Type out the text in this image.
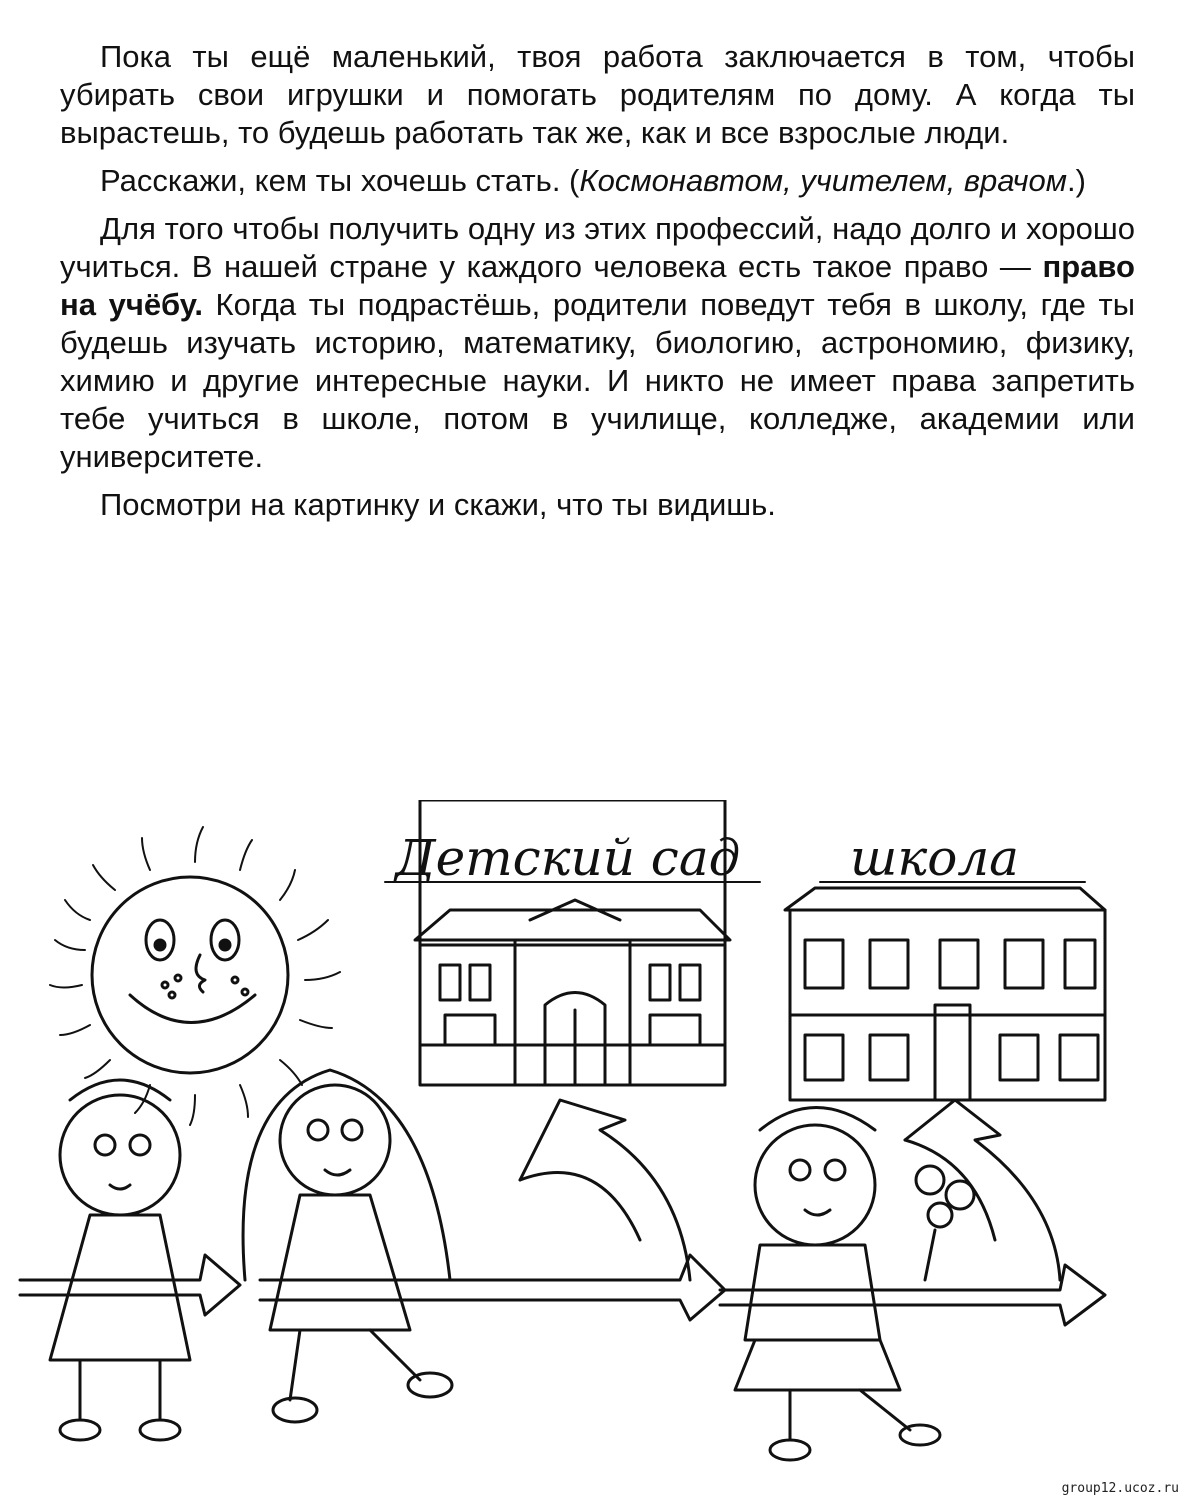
Пока ты ещё маленький, твоя работа заключается в том, чтобы убирать свои игрушки и помогать родителям по дому. А когда ты вырастешь, то будешь работать так же, как и все взрослые люди.

Расскажи, кем ты хочешь стать. (Космонавтом, учителем, врачом.)

Для того чтобы получить одну из этих профессий, надо долго и хорошо учиться. В нашей стране у каждого человека есть такое право — право на учёбу. Когда ты подрастёшь, родители поведут тебя в школу, где ты будешь изучать историю, математику, биологию, астрономию, физику, химию и другие интересные науки. И никто не имеет права запретить тебе учиться в школе, потом в училище, колледже, академии или университете.

Посмотри на картинку и скажи, что ты видишь.

Детский сад школа
group12.ucoz.ru
